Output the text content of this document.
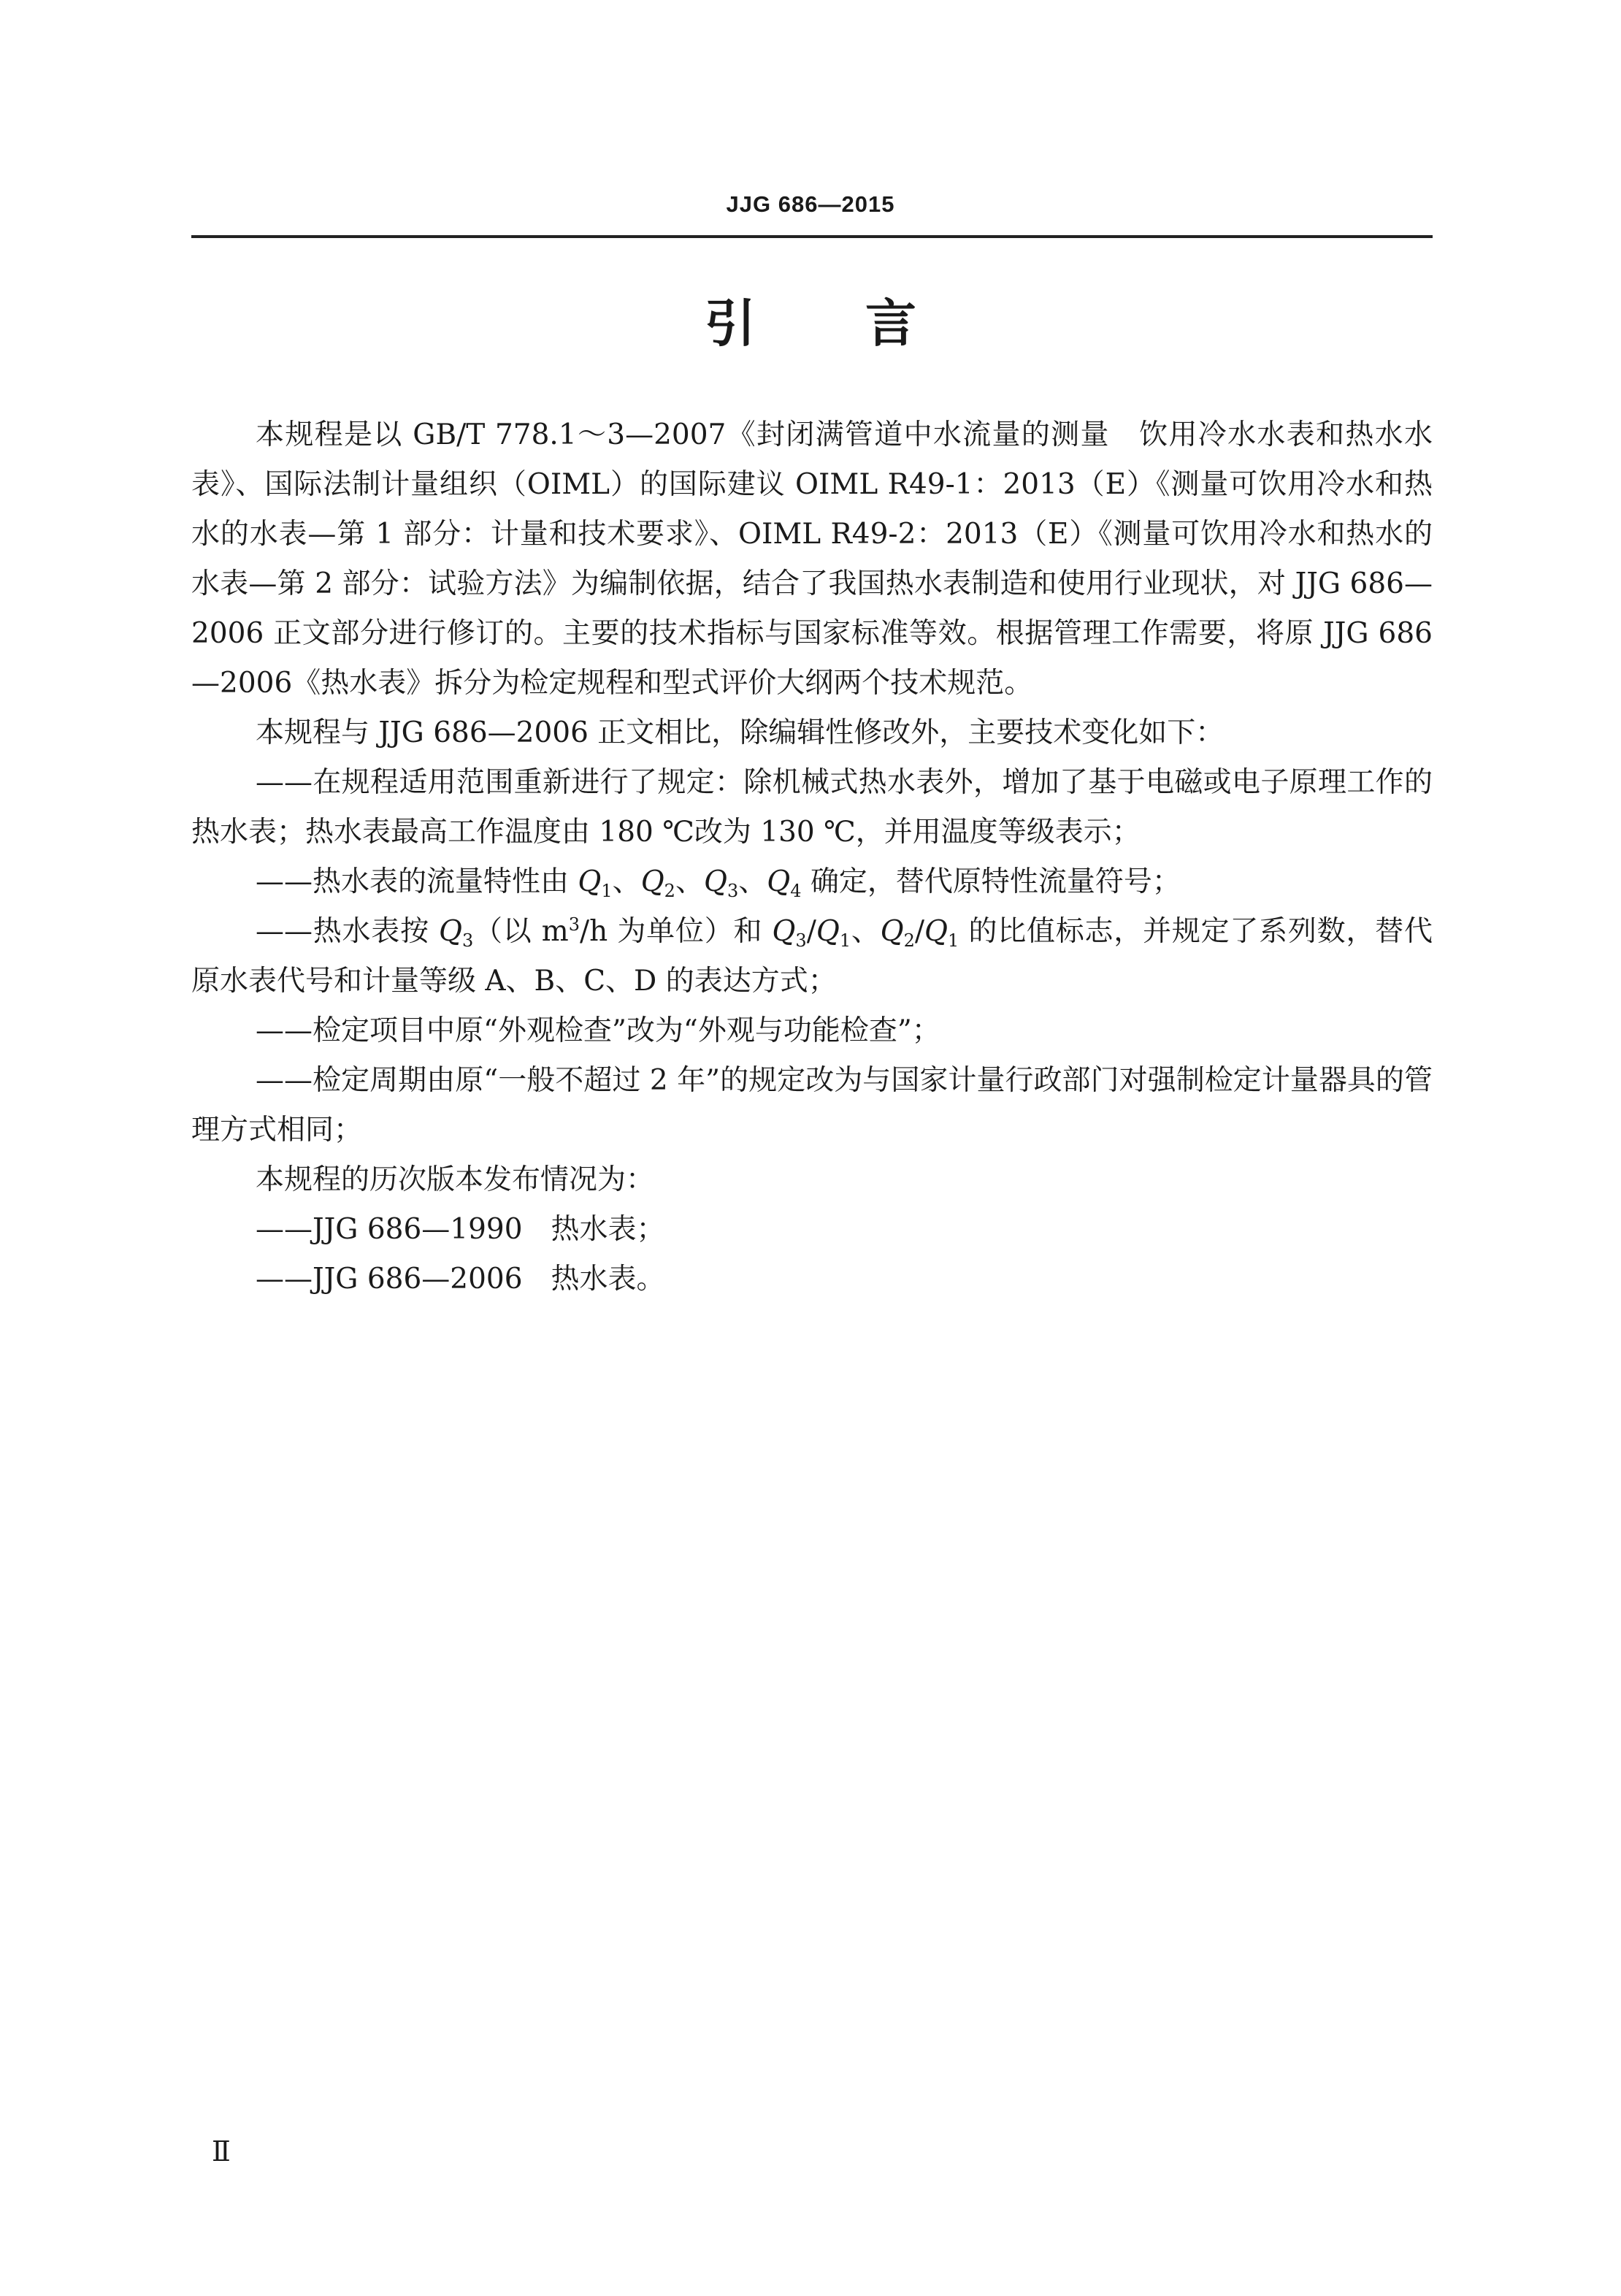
JJG 686—2015
引 言

本规程是以 GB/T 778.1～3—2007《封闭满管道中水流量的测量　饮用冷水水表和热水水表》、国际法制计量组织（OIML）的国际建议 OIML R49-1：2013（E）《测量可饮用冷水和热水的水表—第 1 部分：计量和技术要求》、OIML R49-2：2013（E）《测量可饮用冷水和热水的水表—第 2 部分：试验方法》为编制依据，结合了我国热水表制造和使用行业现状，对 JJG 686—2006 正文部分进行修订的。主要的技术指标与国家标准等效。根据管理工作需要，将原 JJG 686—2006《热水表》拆分为检定规程和型式评价大纲两个技术规范。

本规程与 JJG 686—2006 正文相比，除编辑性修改外，主要技术变化如下：

——在规程适用范围重新进行了规定：除机械式热水表外，增加了基于电磁或电子原理工作的热水表；热水表最高工作温度由 180 ℃改为 130 ℃，并用温度等级表示；

——热水表的流量特性由 $Q_1$、$Q_2$、$Q_3$、$Q_4$ 确定，替代原特性流量符号；

——热水表按 $Q_3$（以 $m^3/h$ 为单位）和 $Q_3/Q_1$、$Q_2/Q_1$ 的比值标志，并规定了系列数，替代原水表代号和计量等级 A、B、C、D 的表达方式；

——检定项目中原“外观检查”改为“外观与功能检查”；

——检定周期由原“一般不超过 2 年”的规定改为与国家计量行政部门对强制检定计量器具的管理方式相同；

本规程的历次版本发布情况为：

——JJG 686—1990　热水表；

——JJG 686—2006　热水表。

Ⅱ
